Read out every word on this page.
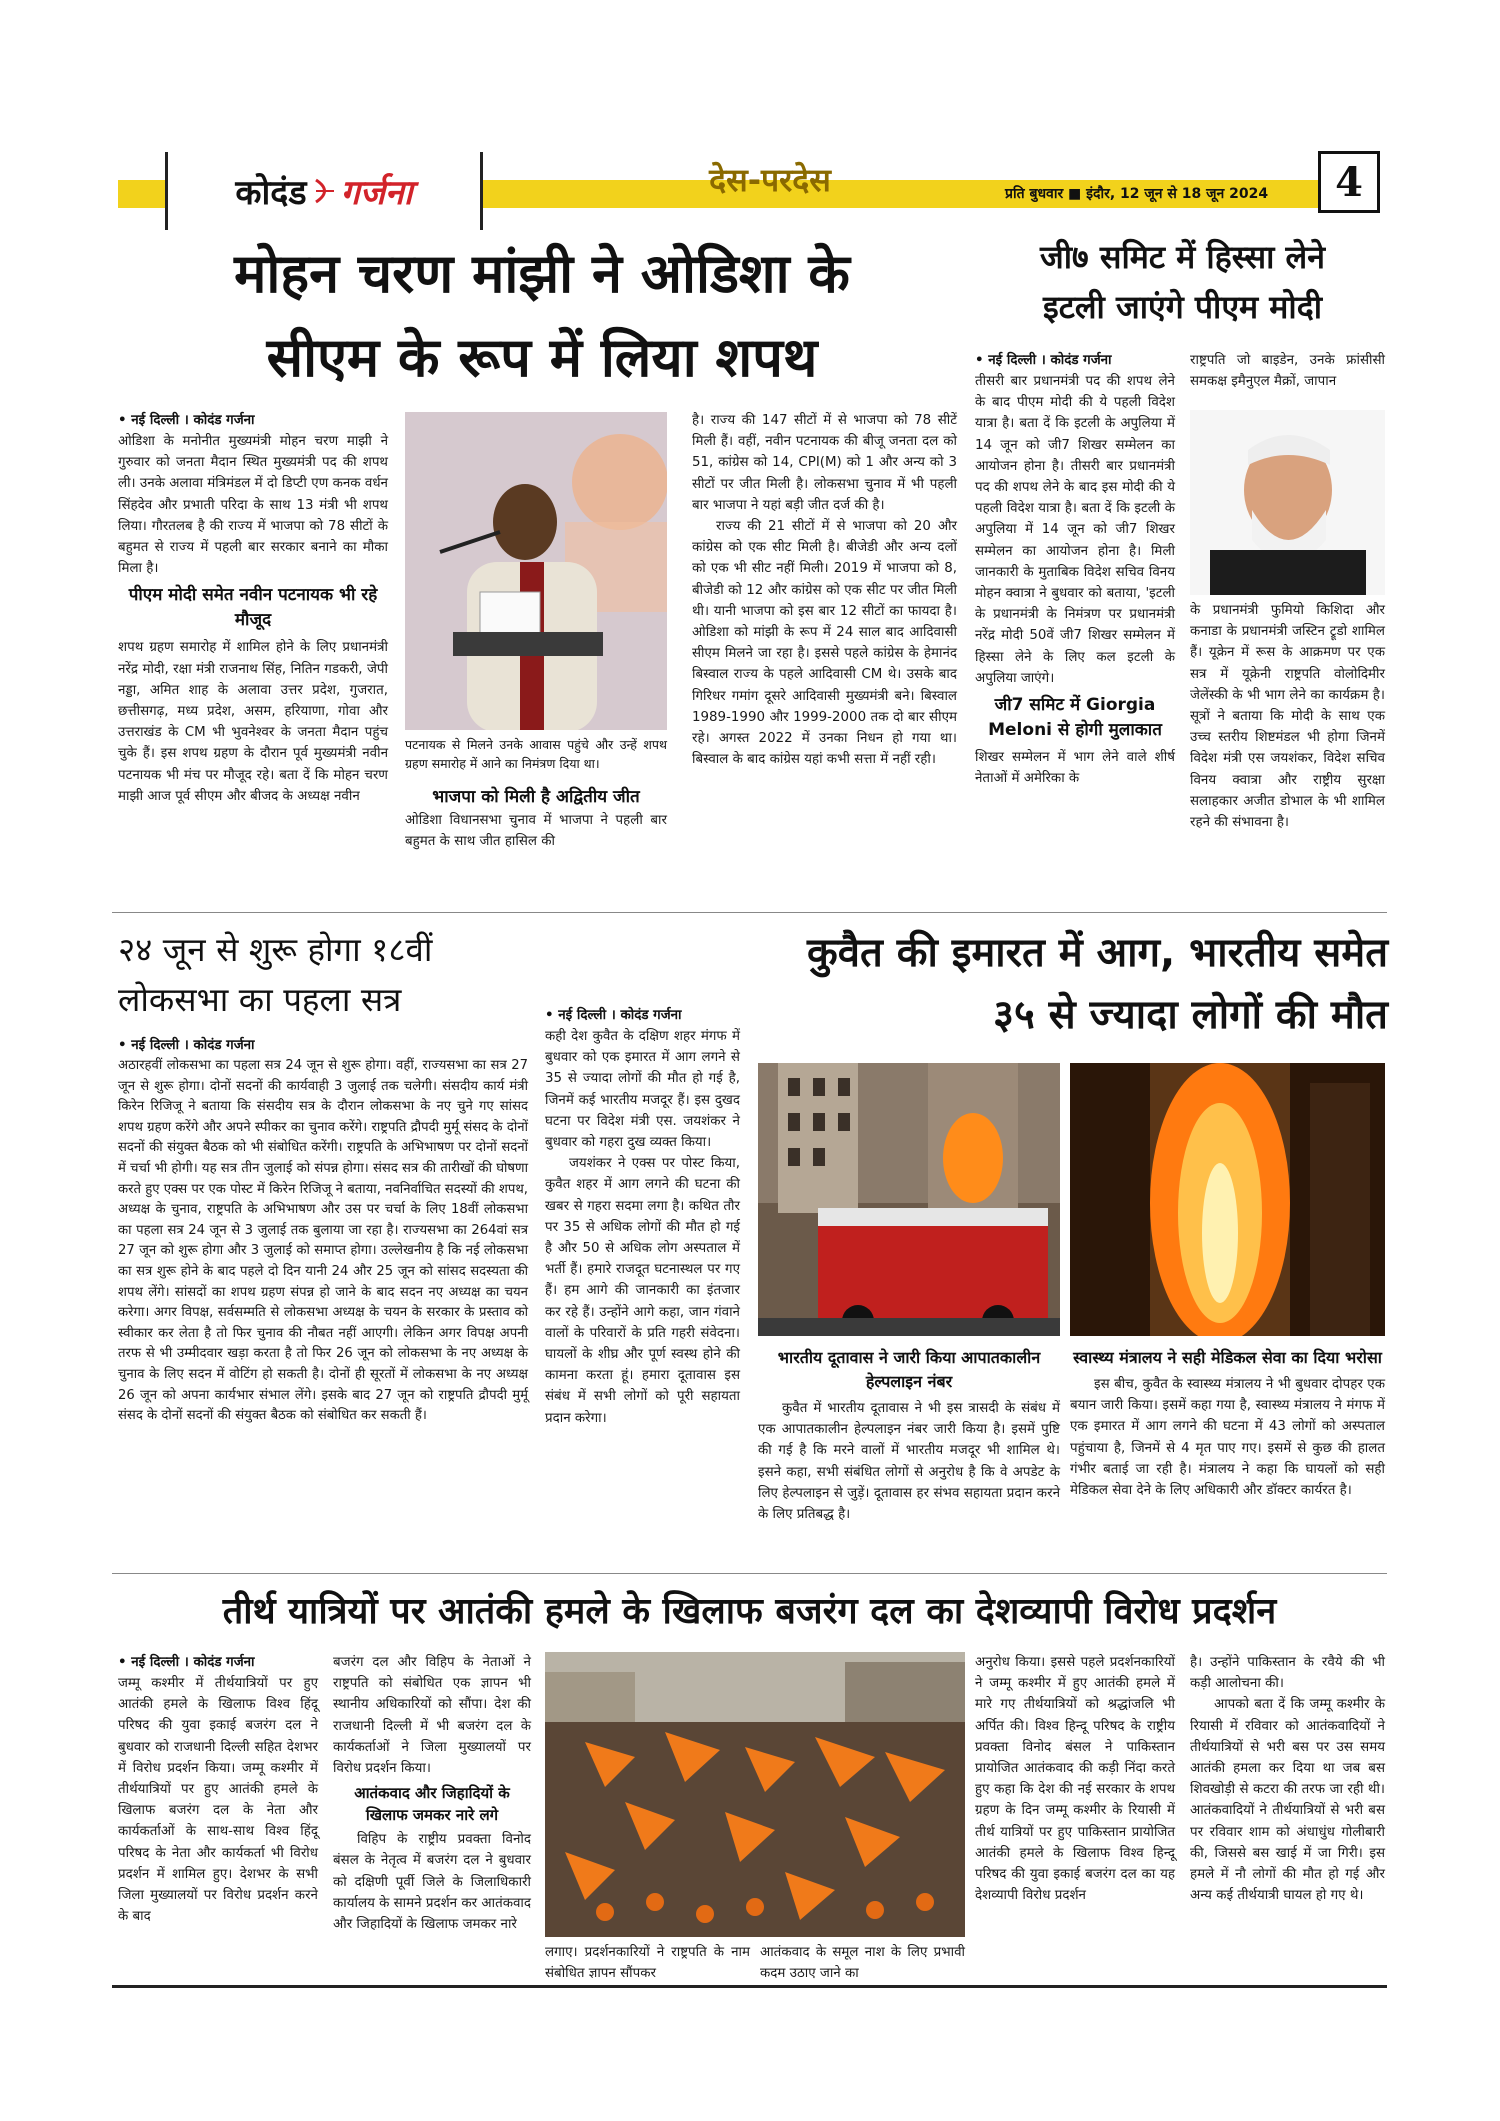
कोदंड गर्जना	देस-परदेस	प्रति बुधवार ■ इंदौर, 12 जून से 18 जून 2024	4
मोहन चरण मांझी ने ओडिशा के
सीएम के रूप में लिया शपथ
• नई दिल्ली । कोदंड गर्जना

ओडिशा के मनोनीत मुख्यमंत्री मोहन चरण माझी ने गुरुवार को जनता मैदान स्थित मुख्यमंत्री पद की शपथ ली। उनके अलावा मंत्रिमंडल में दो डिप्टी एण कनक वर्धन सिंहदेव और प्रभाती परिदा के साथ 13 मंत्री भी शपथ लिया। गौरतलब है की राज्य में भाजपा को 78 सीटों के बहुमत से राज्य में पहली बार सरकार बनाने का मौका मिला है।

पीएम मोदी समेत नवीन पटनायक भी रहे मौजूद

शपथ ग्रहण समारोह में शामिल होने के लिए प्रधानमंत्री नरेंद्र मोदी, रक्षा मंत्री राजनाथ सिंह, नितिन गडकरी, जेपी नड्डा, अमित शाह के अलावा उत्तर प्रदेश, गुजरात, छत्तीसगढ़, मध्य प्रदेश, असम, हरियाणा, गोवा और उत्तराखंड के CM भी भुवनेश्वर के जनता मैदान पहुंच चुके हैं। इस शपथ ग्रहण के दौरान पूर्व मुख्यमंत्री नवीन पटनायक भी मंच पर मौजूद रहे। बता दें कि मोहन चरण माझी आज पूर्व सीएम और बीजद के अध्यक्ष नवीन

पटनायक से मिलने उनके आवास पहुंचे और उन्हें शपथ ग्रहण समारोह में आने का निमंत्रण दिया था।

भाजपा को मिली है अद्वितीय जीत

ओडिशा विधानसभा चुनाव में भाजपा ने पहली बार बहुमत के साथ जीत हासिल की

है। राज्य की 147 सीटों में से भाजपा को 78 सीटें मिली हैं। वहीं, नवीन पटनायक की बीजू जनता दल को 51, कांग्रेस को 14, CPI(M) को 1 और अन्य को 3 सीटों पर जीत मिली है। लोकसभा चुनाव में भी पहली बार भाजपा ने यहां बड़ी जीत दर्ज की है।

राज्य की 21 सीटों में से भाजपा को 20 और कांग्रेस को एक सीट मिली है। बीजेडी और अन्य दलों को एक भी सीट नहीं मिली। 2019 में भाजपा को 8, बीजेडी को 12 और कांग्रेस को एक सीट पर जीत मिली थी। यानी भाजपा को इस बार 12 सीटों का फायदा है। ओडिशा को मांझी के रूप में 24 साल बाद आदिवासी सीएम मिलने जा रहा है। इससे पहले कांग्रेस के हेमानंद बिस्वाल राज्य के पहले आदिवासी CM थे। उसके बाद गिरिधर गमांग दूसरे आदिवासी मुख्यमंत्री बने। बिस्वाल 1989-1990 और 1999-2000 तक दो बार सीएम रहे। अगस्त 2022 में उनका निधन हो गया था। बिस्वाल के बाद कांग्रेस यहां कभी सत्ता में नहीं रही।

जी७ समिट में हिस्सा लेने
इटली जाएंगे पीएम मोदी
• नई दिल्ली । कोदंड गर्जना

तीसरी बार प्रधानमंत्री पद की शपथ लेने के बाद पीएम मोदी की ये पहली विदेश यात्रा है। बता दें कि इटली के अपुलिया में 14 जून को जी7 शिखर सम्मेलन का आयोजन होना है। तीसरी बार प्रधानमंत्री पद की शपथ लेने के बाद इस मोदी की ये पहली विदेश यात्रा है। बता दें कि इटली के अपुलिया में 14 जून को जी7 शिखर सम्मेलन का आयोजन होना है। मिली जानकारी के मुताबिक विदेश सचिव विनय मोहन क्वात्रा ने बुधवार को बताया, 'इटली के प्रधानमंत्री के निमंत्रण पर प्रधानमंत्री नरेंद्र मोदी 50वें जी7 शिखर सम्मेलन में हिस्सा लेने के लिए कल इटली के अपुलिया जाएंगे।

जी7 समिट में Giorgia Meloni से होगी मुलाकात

शिखर सम्मेलन में भाग लेने वाले शीर्ष नेताओं में अमेरिका के

राष्ट्रपति जो बाइडेन, उनके फ्रांसीसी समकक्ष इमैनुएल मैक्रों, जापान

के प्रधानमंत्री फुमियो किशिदा और कनाडा के प्रधानमंत्री जस्टिन ट्रूडो शामिल हैं। यूक्रेन में रूस के आक्रमण पर एक सत्र में यूक्रेनी राष्ट्रपति वोलोदिमीर जेलेंस्की के भी भाग लेने का कार्यक्रम है। सूत्रों ने बताया कि मोदी के साथ एक उच्च स्तरीय शिष्टमंडल भी होगा जिनमें विदेश मंत्री एस जयशंकर, विदेश सचिव विनय क्वात्रा और राष्ट्रीय सुरक्षा सलाहकार अजीत डोभाल के भी शामिल रहने की संभावना है।

२४ जून से शुरू होगा १८वीं
लोकसभा का पहला सत्र
• नई दिल्ली । कोदंड गर्जना

अठारहवीं लोकसभा का पहला सत्र 24 जून से शुरू होगा। वहीं, राज्यसभा का सत्र 27 जून से शुरू होगा। दोनों सदनों की कार्यवाही 3 जुलाई तक चलेगी। संसदीय कार्य मंत्री किरेन रिजिजू ने बताया कि संसदीय सत्र के दौरान लोकसभा के नए चुने गए सांसद शपथ ग्रहण करेंगे और अपने स्पीकर का चुनाव करेंगे। राष्ट्रपति द्रौपदी मुर्मू संसद के दोनों सदनों की संयुक्त बैठक को भी संबोधित करेंगी। राष्ट्रपति के अभिभाषण पर दोनों सदनों में चर्चा भी होगी। यह सत्र तीन जुलाई को संपन्न होगा। संसद सत्र की तारीखों की घोषणा करते हुए एक्स पर एक पोस्ट में किरेन रिजिजू ने बताया, नवनिर्वाचित सदस्यों की शपथ, अध्यक्ष के चुनाव, राष्ट्रपति के अभिभाषण और उस पर चर्चा के लिए 18वीं लोकसभा का पहला सत्र 24 जून से 3 जुलाई तक बुलाया जा रहा है। राज्यसभा का 264वां सत्र 27 जून को शुरू होगा और 3 जुलाई को समाप्त होगा। उल्लेखनीय है कि नई लोकसभा का सत्र शुरू होने के बाद पहले दो दिन यानी 24 और 25 जून को सांसद सदस्यता की शपथ लेंगे। सांसदों का शपथ ग्रहण संपन्न हो जाने के बाद सदन नए अध्यक्ष का चयन करेगा। अगर विपक्ष, सर्वसम्मति से लोकसभा अध्यक्ष के चयन के सरकार के प्रस्ताव को स्वीकार कर लेता है तो फिर चुनाव की नौबत नहीं आएगी। लेकिन अगर विपक्ष अपनी तरफ से भी उम्मीदवार खड़ा करता है तो फिर 26 जून को लोकसभा के नए अध्यक्ष के चुनाव के लिए सदन में वोटिंग हो सकती है। दोनों ही सूरतों में लोकसभा के नए अध्यक्ष 26 जून को अपना कार्यभार संभाल लेंगे। इसके बाद 27 जून को राष्ट्रपति द्रौपदी मुर्मू संसद के दोनों सदनों की संयुक्त बैठक को संबोधित कर सकती हैं।

कुवैत की इमारत में आग, भारतीय समेत
३५ से ज्यादा लोगों की मौत
• नई दिल्ली । कोदंड गर्जना

कही देश कुवैत के दक्षिण शहर मंगफ में बुधवार को एक इमारत में आग लगने से 35 से ज्यादा लोगों की मौत हो गई है, जिनमें कई भारतीय मजदूर हैं। इस दुखद घटना पर विदेश मंत्री एस. जयशंकर ने बुधवार को गहरा दुख व्यक्त किया।

जयशंकर ने एक्स पर पोस्ट किया, कुवैत शहर में आग लगने की घटना की खबर से गहरा सदमा लगा है। कथित तौर पर 35 से अधिक लोगों की मौत हो गई है और 50 से अधिक लोग अस्पताल में भर्ती हैं। हमारे राजदूत घटनास्थल पर गए हैं। हम आगे की जानकारी का इंतजार कर रहे हैं। उन्होंने आगे कहा, जान गंवाने वालों के परिवारों के प्रति गहरी संवेदना। घायलों के शीघ्र और पूर्ण स्वस्थ होने की कामना करता हूं। हमारा दूतावास इस संबंध में सभी लोगों को पूरी सहायता प्रदान करेगा।

भारतीय दूतावास ने जारी किया आपातकालीन हेल्पलाइन नंबर

कुवैत में भारतीय दूतावास ने भी इस त्रासदी के संबंध में एक आपातकालीन हेल्पलाइन नंबर जारी किया है। इसमें पुष्टि की गई है कि मरने वालों में भारतीय मजदूर भी शामिल थे। इसने कहा, सभी संबंधित लोगों से अनुरोध है कि वे अपडेट के लिए हेल्पलाइन से जुड़ें। दूतावास हर संभव सहायता प्रदान करने के लिए प्रतिबद्ध है।

स्वास्थ्य मंत्रालय ने सही मेडिकल सेवा का दिया भरोसा

इस बीच, कुवैत के स्वास्थ्य मंत्रालय ने भी बुधवार दोपहर एक बयान जारी किया। इसमें कहा गया है, स्वास्थ्य मंत्रालय ने मंगफ में एक इमारत में आग लगने की घटना में 43 लोगों को अस्पताल पहुंचाया है, जिनमें से 4 मृत पाए गए। इसमें से कुछ की हालत गंभीर बताई जा रही है। मंत्रालय ने कहा कि घायलों को सही मेडिकल सेवा देने के लिए अधिकारी और डॉक्टर कार्यरत है।

तीर्थ यात्रियों पर आतंकी हमले के खिलाफ बजरंग दल का देशव्यापी विरोध प्रदर्शन
• नई दिल्ली । कोदंड गर्जना

जम्मू कश्मीर में तीर्थयात्रियों पर हुए आतंकी हमले के खिलाफ विश्व हिंदू परिषद की युवा इकाई बजरंग दल ने बुधवार को राजधानी दिल्ली सहित देशभर में विरोध प्रदर्शन किया। जम्मू कश्मीर में तीर्थयात्रियों पर हुए आतंकी हमले के खिलाफ बजरंग दल के नेता और कार्यकर्ताओं के साथ-साथ विश्व हिंदू परिषद के नेता और कार्यकर्ता भी विरोध प्रदर्शन में शामिल हुए। देशभर के सभी जिला मुख्यालयों पर विरोध प्रदर्शन करने के बाद

बजरंग दल और विहिप के नेताओं ने राष्ट्रपति को संबोधित एक ज्ञापन भी स्थानीय अधिकारियों को सौंपा। देश की राजधानी दिल्ली में भी बजरंग दल के कार्यकर्ताओं ने जिला मुख्यालयों पर विरोध प्रदर्शन किया।

आतंकवाद और जिहादियों के खिलाफ जमकर नारे लगे

विहिप के राष्ट्रीय प्रवक्ता विनोद बंसल के नेतृत्व में बजरंग दल ने बुधवार को दक्षिणी पूर्वी जिले के जिलाधिकारी कार्यालय के सामने प्रदर्शन कर आतंकवाद और जिहादियों के खिलाफ जमकर नारे

लगाए। प्रदर्शनकारियों ने राष्ट्रपति के नाम संबोधित ज्ञापन सौंपकर

आतंकवाद के समूल नाश के लिए प्रभावी कदम उठाए जाने का

अनुरोध किया। इससे पहले प्रदर्शनकारियों ने जम्मू कश्मीर में हुए आतंकी हमले में मारे गए तीर्थयात्रियों को श्रद्धांजलि भी अर्पित की। विश्व हिन्दू परिषद के राष्ट्रीय प्रवक्ता विनोद बंसल ने पाकिस्तान प्रायोजित आतंकवाद की कड़ी निंदा करते हुए कहा कि देश की नई सरकार के शपथ ग्रहण के दिन जम्मू कश्मीर के रियासी में तीर्थ यात्रियों पर हुए पाकिस्तान प्रायोजित आतंकी हमले के खिलाफ विश्व हिन्दू परिषद की युवा इकाई बजरंग दल का यह देशव्यापी विरोध प्रदर्शन

है। उन्होंने पाकिस्तान के रवैये की भी कड़ी आलोचना की।

आपको बता दें कि जम्मू कश्मीर के रियासी में रविवार को आतंकवादियों ने तीर्थयात्रियों से भरी बस पर उस समय आतंकी हमला कर दिया था जब बस शिवखोड़ी से कटरा की तरफ जा रही थी। आतंकवादियों ने तीर्थयात्रियों से भरी बस पर रविवार शाम को अंधाधुंध गोलीबारी की, जिससे बस खाई में जा गिरी। इस हमले में नौ लोगों की मौत हो गई और अन्य कई तीर्थयात्री घायल हो गए थे।
